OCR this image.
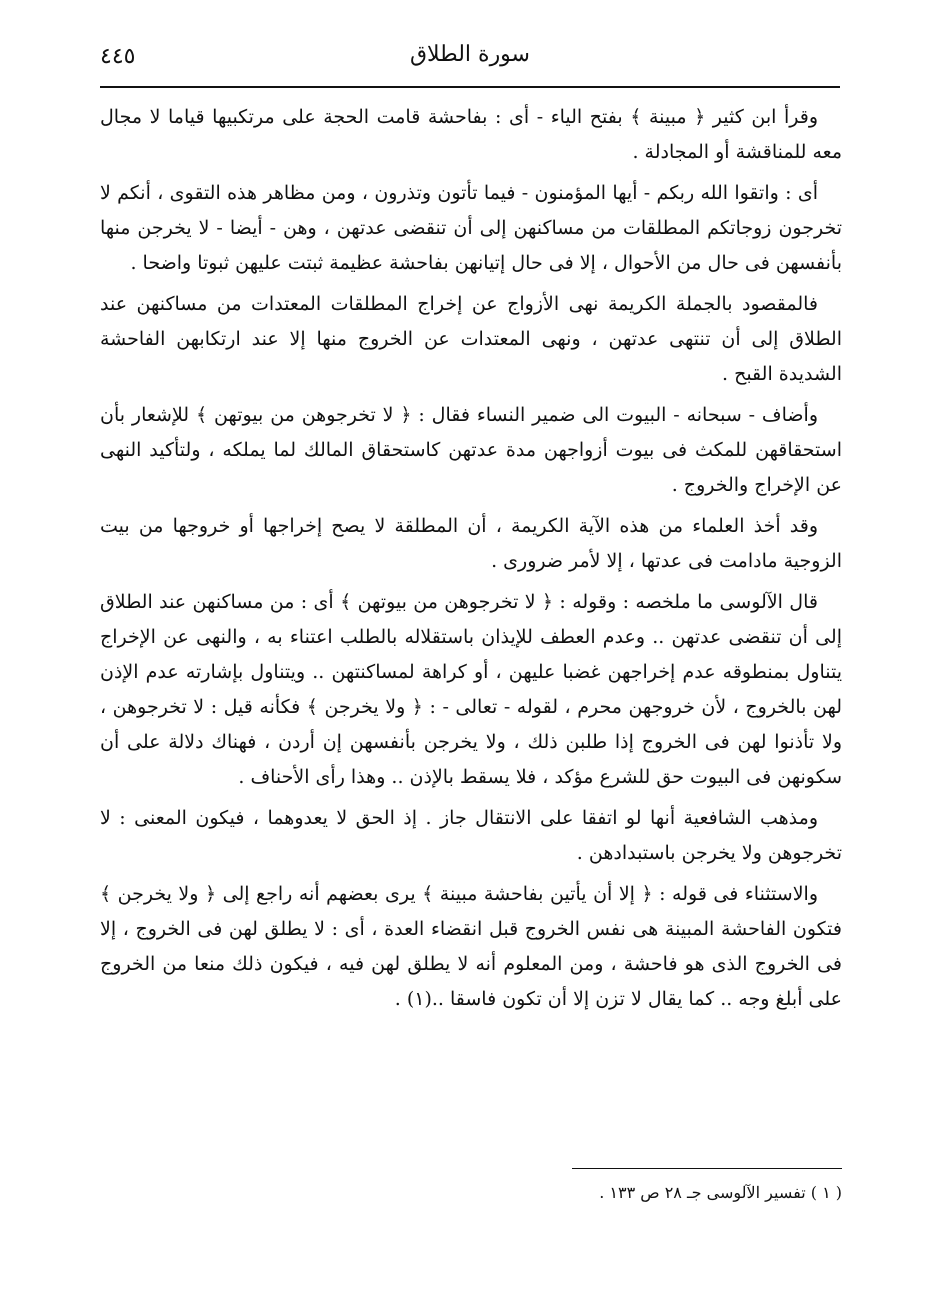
٤٤٥	سورة الطلاق

وقرأ ابن كثير ﴿ مبينة ﴾ بفتح الياء - أى : بفاحشة قامت الحجة على مرتكبيها قياما لا مجال معه للمناقشة أو المجادلة .

أى : واتقوا الله ربكم - أيها المؤمنون - فيما تأتون وتذرون ، ومن مظاهر هذه التقوى ، أنكم لا تخرجون زوجاتكم المطلقات من مساكنهن إلى أن تنقضى عدتهن ، وهن - أيضا - لا يخرجن منها بأنفسهن فى حال من الأحوال ، إلا فى حال إتيانهن بفاحشة عظيمة ثبتت عليهن ثبوتا واضحا .

فالمقصود بالجملة الكريمة نهى الأزواج عن إخراج المطلقات المعتدات من مساكنهن عند الطلاق إلى أن تنتهى عدتهن ، ونهى المعتدات عن الخروج منها إلا عند ارتكابهن الفاحشة الشديدة القبح .

وأضاف - سبحانه - البيوت الى ضمير النساء فقال : ﴿ لا تخرجوهن من بيوتهن ﴾ للإشعار بأن استحقاقهن للمكث فى بيوت أزواجهن مدة عدتهن كاستحقاق المالك لما يملكه ، ولتأكيد النهى عن الإخراج والخروج .

وقد أخذ العلماء من هذه الآية الكريمة ، أن المطلقة لا يصح إخراجها أو خروجها من بيت الزوجية مادامت فى عدتها ، إلا لأمر ضرورى .

قال الآلوسى ما ملخصه : وقوله : ﴿ لا تخرجوهن من بيوتهن ﴾ أى : من مساكنهن عند الطلاق إلى أن تنقضى عدتهن .. وعدم العطف للإيذان باستقلاله بالطلب اعتناء به ، والنهى عن الإخراج يتناول بمنطوقه عدم إخراجهن غضبا عليهن ، أو كراهة لمساكنتهن .. ويتناول بإشارته عدم الإذن لهن بالخروج ، لأن خروجهن محرم ، لقوله - تعالى - : ﴿ ولا يخرجن ﴾ فكأنه قيل : لا تخرجوهن ، ولا تأذنوا لهن فى الخروج إذا طلبن ذلك ، ولا يخرجن بأنفسهن إن أردن ، فهناك دلالة على أن سكونهن فى البيوت حق للشرع مؤكد ، فلا يسقط بالإذن .. وهذا رأى الأحناف .

ومذهب الشافعية أنها لو اتفقا على الانتقال جاز . إذ الحق لا يعدوهما ، فيكون المعنى : لا تخرجوهن ولا يخرجن باستبدادهن .

والاستثناء فى قوله : ﴿ إلا أن يأتين بفاحشة مبينة ﴾ يرى بعضهم أنه راجع إلى ﴿ ولا يخرجن ﴾ فتكون الفاحشة المبينة هى نفس الخروج قبل انقضاء العدة ، أى : لا يطلق لهن فى الخروج ، إلا فى الخروج الذى هو فاحشة ، ومن المعلوم أنه لا يطلق لهن فيه ، فيكون ذلك منعا من الخروج على أبلغ وجه .. كما يقال لا تزن إلا أن تكون فاسقا ..(١) .

( ١ ) تفسير الآلوسى جـ ٢٨ ص ١٣٣ .
